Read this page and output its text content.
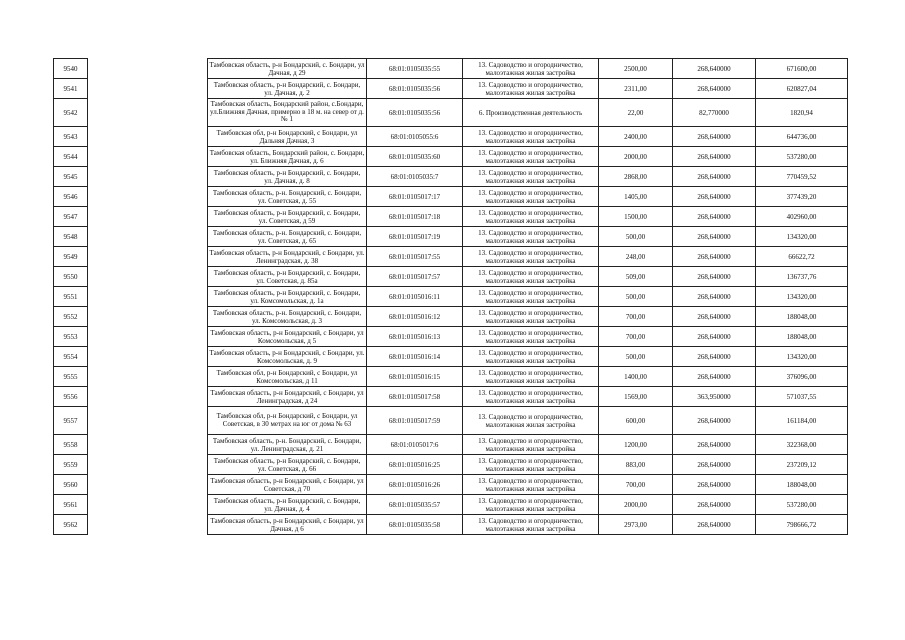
9540		Тамбовская область, р-н Бондарский, с. Бондари, ул Дачная, д 29	68:01:0105035:55	13. Садоводство и огородничество, малоэтажная жилая застройка	2500,00	268,640000	671600,00
9541		Тамбовская область, р-н Бондарский, с. Бондари, ул. Дачная, д. 2	68:01:0105035:56	13. Садоводство и огородничество, малоэтажная жилая застройка	2311,00	268,640000	620827,04
9542		Тамбовская область, Бондарский район, с.Бондари, ул.Ближняя Дачная, примерно в 18 м. на север от д. № 1	68:01:0105035:56	6. Производственная деятельность	22,00	82,770000	1820,94
9543		Тамбовская обл, р-н Бондарский, с Бондари, ул Дальняя Дачная, 3	68:01:0105055:6	13. Садоводство и огородничество, малоэтажная жилая застройка	2400,00	268,640000	644736,00
9544		Тамбовская область, Бондарский район, с. Бондари, ул. Ближняя Дачная, д. 6	68:01:0105035:60	13. Садоводство и огородничество, малоэтажная жилая застройка	2000,00	268,640000	537280,00
9545		Тамбовская область, р-н Бондарский, с. Бондари, ул. Дачная, д. 8	68:01:0105035:7	13. Садоводство и огородничество, малоэтажная жилая застройка	2868,00	268,640000	770459,52
9546		Тамбовская область, р-н. Бондарский, с. Бондари, ул. Советская, д. 55	68:01:0105017:17	13. Садоводство и огородничество, малоэтажная жилая застройка	1405,00	268,640000	377439,20
9547		Тамбовская область, р-н Бондарский, с. Бондари, ул. Советская, д 59	68:01:0105017:18	13. Садоводство и огородничество, малоэтажная жилая застройка	1500,00	268,640000	402960,00
9548		Тамбовская область, р-н. Бондарский, с. Бондари, ул. Советская, д. 65	68:01:0105017:19	13. Садоводство и огородничество, малоэтажная жилая застройка	500,00	268,640000	134320,00
9549		Тамбовская область, р-н Бондарский, с Бондари, ул. Ленинградская, д. 38	68:01:0105017:55	13. Садоводство и огородничество, малоэтажная жилая застройка	248,00	268,640000	66622,72
9550		Тамбовская область, р-н Бондарский, с. Бондари, ул. Советская, д. 85а	68:01:0105017:57	13. Садоводство и огородничество, малоэтажная жилая застройка	509,00	268,640000	136737,76
9551		Тамбовская область, р-н Бондарский, с. Бондари, ул. Комсомольская, д. 1а	68:01:0105016:11	13. Садоводство и огородничество, малоэтажная жилая застройка	500,00	268,640000	134320,00
9552		Тамбовская область, р-н. Бондарский, с. Бондари, ул. Комсомольская, д. 3	68:01:0105016:12	13. Садоводство и огородничество, малоэтажная жилая застройка	700,00	268,640000	188048,00
9553		Тамбовская область, р-н Бондарский, с Бондари, ул Комсомольская, д 5	68:01:0105016:13	13. Садоводство и огородничество, малоэтажная жилая застройка	700,00	268,640000	188048,00
9554		Тамбовская область, р-н Бондарский, с Бондари, ул. Комсомольская, д. 9	68:01:0105016:14	13. Садоводство и огородничество, малоэтажная жилая застройка	500,00	268,640000	134320,00
9555		Тамбовская обл, р-н Бондарский, с Бондари, ул Комсомольская, д 11	68:01:0105016:15	13. Садоводство и огородничество, малоэтажная жилая застройка	1400,00	268,640000	376096,00
9556		Тамбовская область, р-н Бондарский, с Бондари, ул Ленинградская, д 24	68:01:0105017:58	13. Садоводство и огородничество, малоэтажная жилая застройка	1569,00	363,950000	571037,55
9557		Тамбовская обл, р-н Бондарский, с Бондари, ул Советская, в 30 метрах на юг от дома № 63	68:01:0105017:59	13. Садоводство и огородничество, малоэтажная жилая застройка	600,00	268,640000	161184,00
9558		Тамбовская область, р-н. Бондарский, с. Бондари, ул. Ленинградская, д. 21	68:01:0105017:6	13. Садоводство и огородничество, малоэтажная жилая застройка	1200,00	268,640000	322368,00
9559		Тамбовская область, р-н Бондарский, с. Бондари, ул. Советская, д. 66	68:01:0105016:25	13. Садоводство и огородничество, малоэтажная жилая застройка	883,00	268,640000	237209,12
9560		Тамбовская область, р-н Бондарский, с Бондари, ул Советская, д 70	68:01:0105016:26	13. Садоводство и огородничество, малоэтажная жилая застройка	700,00	268,640000	188048,00
9561		Тамбовская область, р-н Бондарский, с. Бондари, ул. Дачная, д. 4	68:01:0105035:57	13. Садоводство и огородничество, малоэтажная жилая застройка	2000,00	268,640000	537280,00
9562		Тамбовская область, р-н Бондарский, с Бондари, ул Дачная, д 6	68:01:0105035:58	13. Садоводство и огородничество, малоэтажная жилая застройка	2973,00	268,640000	798666,72
